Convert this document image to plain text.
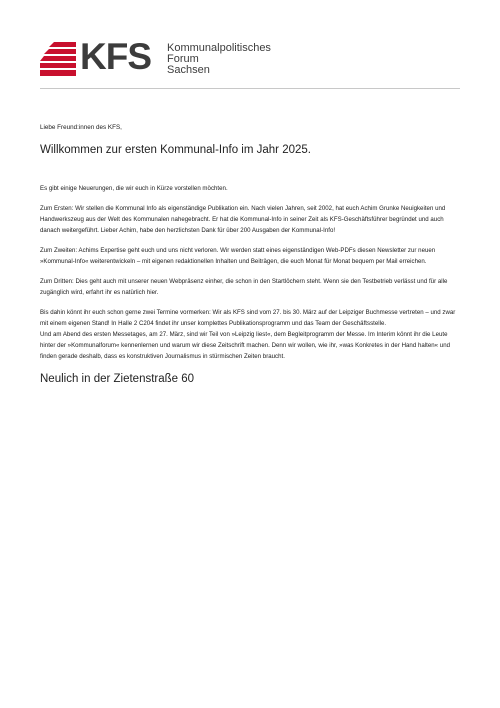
KFS Kommunalpolitisches
Forum
Sachsen

Liebe Freund:innen des KFS,

Willkommen zur ersten Kommunal-Info im Jahr 2025.

Es gibt einige Neuerungen, die wir euch in Kürze vorstellen möchten.

Zum Ersten: Wir stellen die Kommunal Info als eigenständige Publikation ein. Nach vielen Jahren, seit 2002, hat euch Achim Grunke Neuigkeiten und Handwerkszeug aus der Welt des Kommunalen nahegebracht. Er hat die Kommunal-Info in seiner Zeit als KFS-Geschäftsführer begründet und auch danach weitergeführt. Lieber Achim, habe den herzlichsten Dank für über 200 Ausgaben der Kommunal-Info!

Zum Zweiten: Achims Expertise geht euch und uns nicht verloren. Wir werden statt eines eigenständigen Web-PDFs diesen Newsletter zur neuen »Kommunal-Info« weiterentwickeln – mit eigenen redaktionellen Inhalten und Beiträgen, die euch Monat für Monat bequem per Mail erreichen.

Zum Dritten: Dies geht auch mit unserer neuen Webpräsenz einher, die schon in den Startlöchern steht. Wenn sie den Testbetrieb verlässt und für alle zugänglich wird, erfahrt ihr es natürlich hier.

Bis dahin könnt ihr euch schon gerne zwei Termine vormerken: Wir als KFS sind vom 27. bis 30. März auf der Leipziger Buchmesse vertreten – und zwar mit einem eigenen Stand! In Halle 2 C204 findet ihr unser komplettes Publikationsprogramm und das Team der Geschäftsstelle.

Und am Abend des ersten Messetages, am 27. März, sind wir Teil von »Leipzig liest«, dem Begleitprogramm der Messe. Im Interim könnt ihr die Leute hinter der »Kommunalforum« kennenlernen und warum wir diese Zeitschrift machen. Denn wir wollen, wie ihr, »was Konkretes in der Hand halten« und finden gerade deshalb, dass es konstruktiven Journalismus in stürmischen Zeiten braucht.

Neulich in der Zietenstraße 60
